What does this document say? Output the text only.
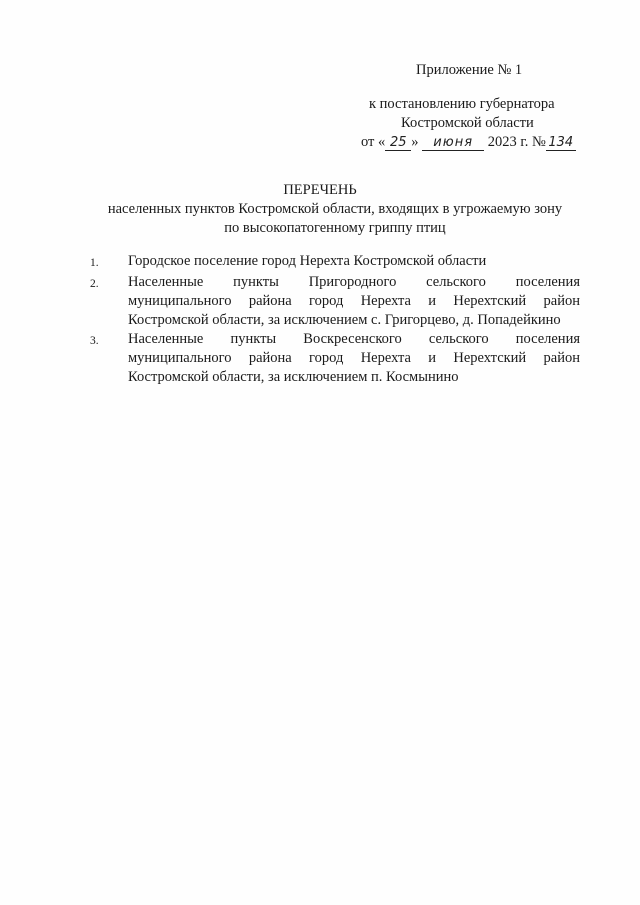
Приложение № 1
к постановлению губернатора
Костромской области
от « 25 » июня 2023 г. № 134
ПЕРЕЧЕНЬ
населенных пунктов Костромской области, входящих в угрожаемую зону
по высокопатогенному гриппу птиц
1.	Городское поселение город Нерехта Костромской области
2.	Населенные пункты Пригородного сельского поселения муниципального района город Нерехта и Нерехтский район Костромской области, за исключением с. Григорцево, д. Попадейкино
3.	Населенные пункты Воскресенского сельского поселения муниципального района город Нерехта и Нерехтский район Костромской области, за исключением п. Космынино
